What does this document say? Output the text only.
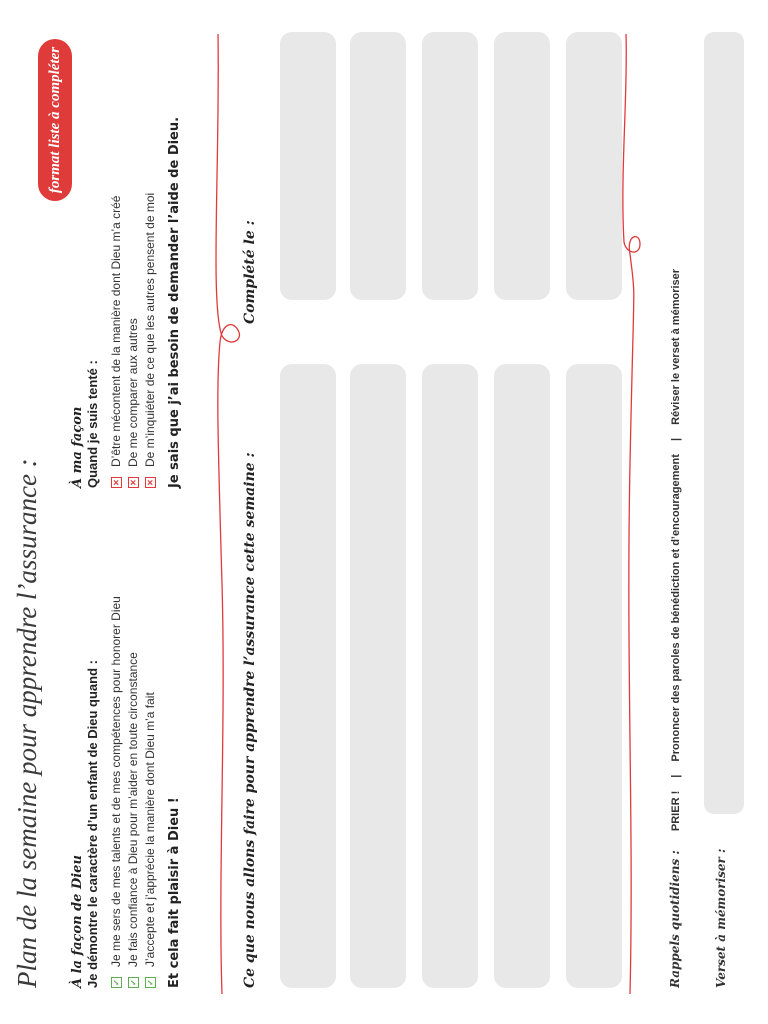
Plan de la semaine pour apprendre l’assurance :
format liste à compléter
À la façon de Dieu Je démontre le caractère d’un enfant de Dieu quand : ✓
Je me sers de mes talents et de mes compétences pour honorer Dieu
✓
Je fais confiance à Dieu pour m’aider en toute circonstance
✓
J’accepte et j’apprécie la manière dont Dieu m’a fait Et cela fait plaisir à Dieu !
À ma façon Quand je suis tenté : ✕
D’être mécontent de la manière dont Dieu m’a créé
✕
De me comparer aux autres
✕
De m’inquiéter de ce que les autres pensent de moi Je sais que j’ai besoin de demander l’aide de Dieu.
Ce que nous allons faire pour apprendre l’assurance cette semaine :
Complété le :
Rappels quotidiens : PRIER ! | Prononcer des paroles de bénédiction et d’encouragement | Réviser le verset à mémoriser
Verset à mémoriser :
